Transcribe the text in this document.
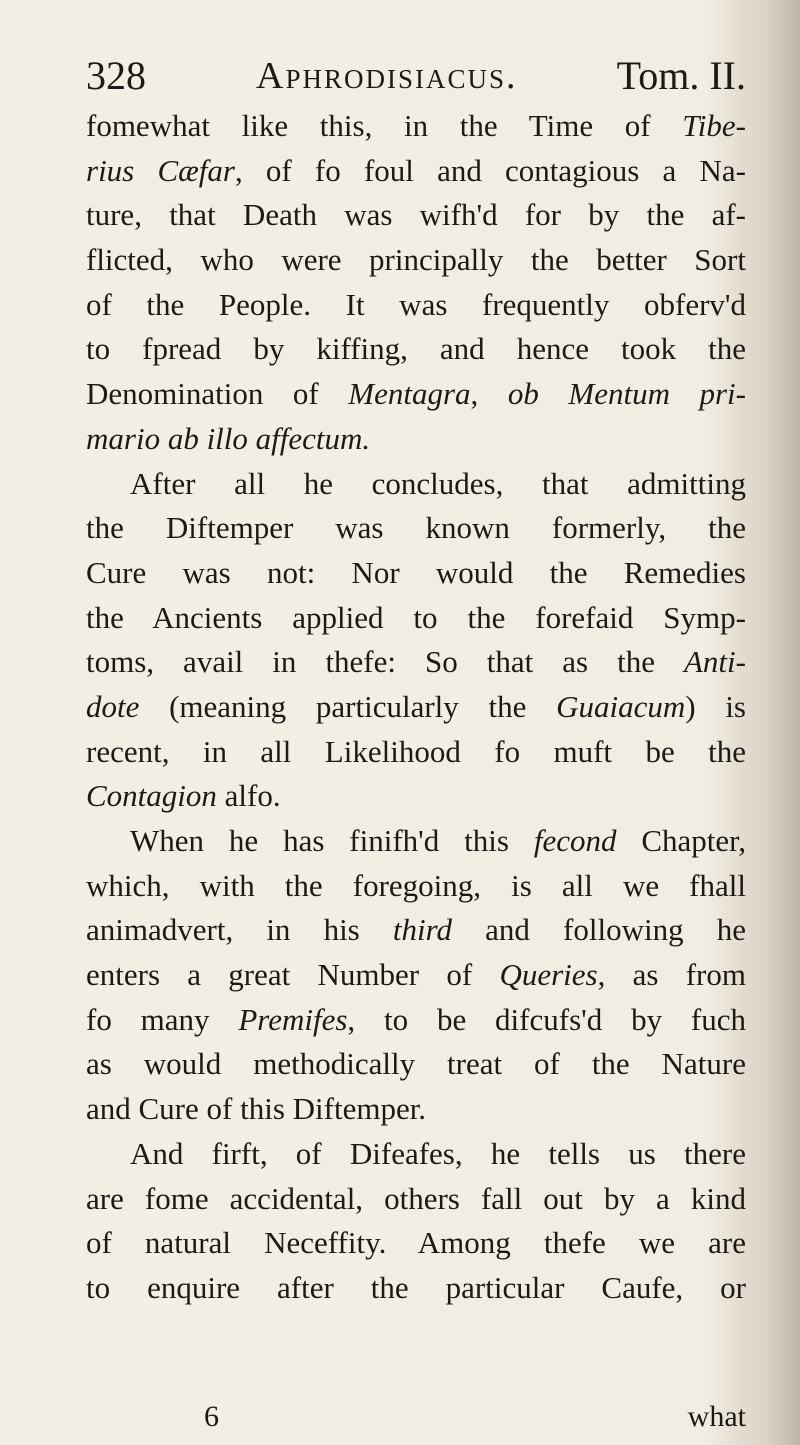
328	Aphrodisiacus. Tom. II.
fomewhat like this, in the Time of Tibe-
rius Cæfar, of fo foul and contagious a Na-
ture, that Death was wifh'd for by the af-
flicted, who were principally the better Sort
of the People. It was frequently obferv'd
to fpread by kiffing, and hence took the
Denomination of Mentagra, ob Mentum pri-
mario ab illo affectum.
After all he concludes, that admitting
the Diftemper was known formerly, the
Cure was not: Nor would the Remedies
the Ancients applied to the forefaid Symp-
toms, avail in thefe: So that as the Anti-
dote (meaning particularly the Guaiacum) is
recent, in all Likelihood fo muft be the
Contagion alfo.
When he has finifh'd this fecond Chapter,
which, with the foregoing, is all we fhall
animadvert, in his third and following he
enters a great Number of Queries, as from
fo many Premifes, to be difcufs'd by fuch
as would methodically treat of the Nature
and Cure of this Diftemper.
And firft, of Difeafes, he tells us there
are fome accidental, others fall out by a kind
of natural Neceffity. Among thefe we are
to enquire after the particular Caufe, or
6	what
